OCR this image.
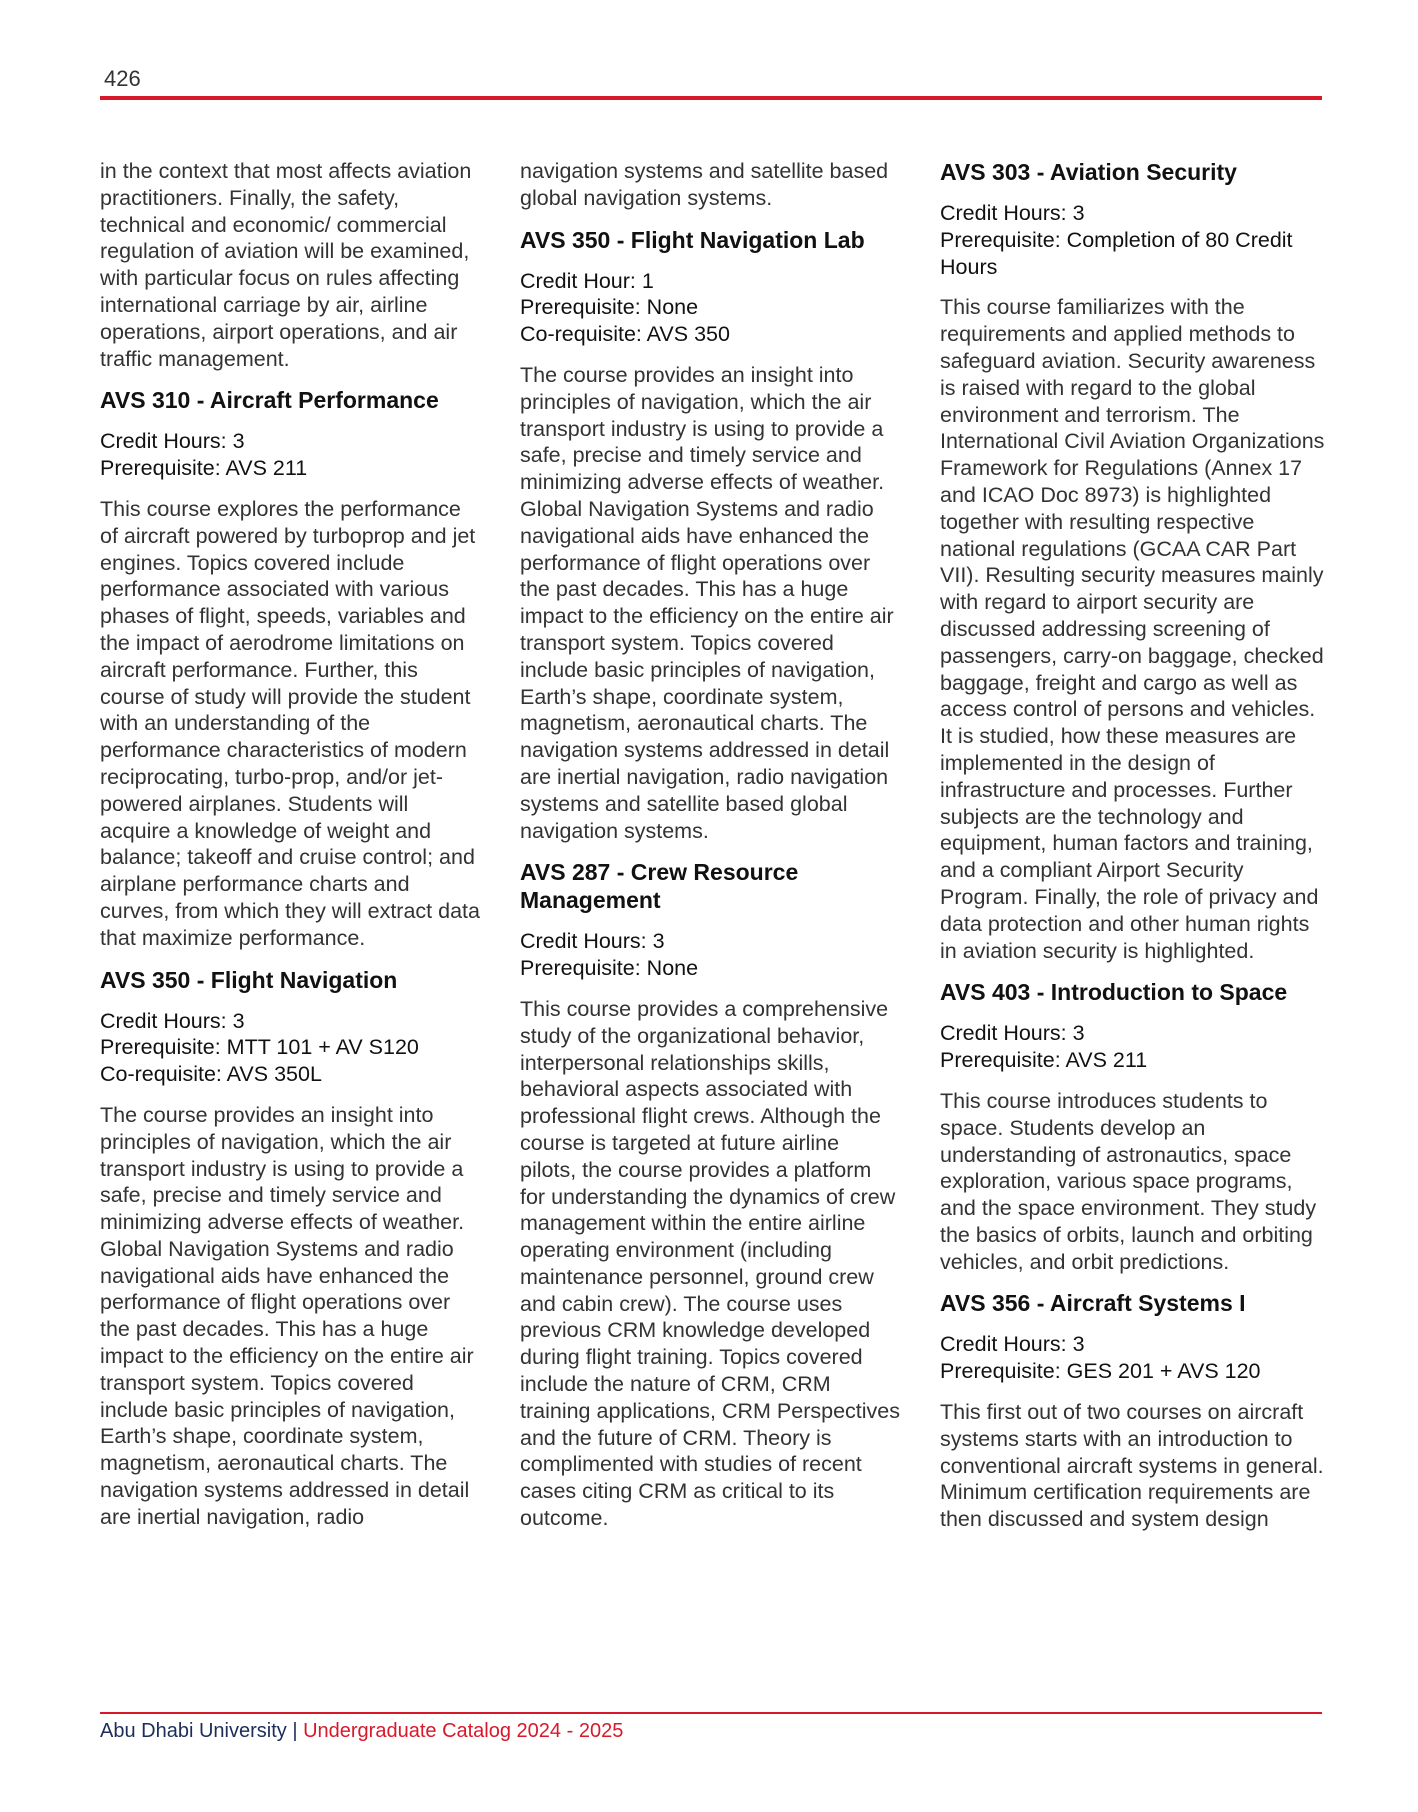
426

in the context that most affects aviation practitioners. Finally, the safety, technical and economic/ commercial regulation of aviation will be examined, with particular focus on rules affecting international carriage by air, airline operations, airport operations, and air traffic management.

AVS 310 - Aircraft Performance
Credit Hours: 3
Prerequisite: AVS 211

This course explores the performance of aircraft powered by turboprop and jet engines. Topics covered include performance associated with various phases of flight, speeds, variables and the impact of aerodrome limitations on aircraft performance. Further, this course of study will provide the student with an understanding of the performance characteristics of modern reciprocating, turbo-prop, and/or jet-powered airplanes. Students will acquire a knowledge of weight and balance; takeoff and cruise control; and airplane performance charts and curves, from which they will extract data that maximize performance.

AVS 350 - Flight Navigation
Credit Hours: 3
Prerequisite: MTT 101 + AV S120
Co-requisite: AVS 350L

The course provides an insight into principles of navigation, which the air transport industry is using to provide a safe, precise and timely service and minimizing adverse effects of weather. Global Navigation Systems and radio navigational aids have enhanced the performance of flight operations over the past decades. This has a huge impact to the efficiency on the entire air transport system. Topics covered include basic principles of navigation, Earth’s shape, coordinate system, magnetism, aeronautical charts. The navigation systems addressed in detail are inertial navigation, radio

navigation systems and satellite based global navigation systems.

AVS 350 - Flight Navigation Lab
Credit Hour: 1
Prerequisite: None
Co-requisite: AVS 350

The course provides an insight into principles of navigation, which the air transport industry is using to provide a safe, precise and timely service and minimizing adverse effects of weather. Global Navigation Systems and radio navigational aids have enhanced the performance of flight operations over the past decades. This has a huge impact to the efficiency on the entire air transport system. Topics covered include basic principles of navigation, Earth’s shape, coordinate system, magnetism, aeronautical charts. The navigation systems addressed in detail are inertial navigation, radio navigation systems and satellite based global navigation systems.

AVS 287 - Crew Resource Management
Credit Hours: 3
Prerequisite: None

This course provides a comprehensive study of the organizational behavior, interpersonal relationships skills, behavioral aspects associated with professional flight crews. Although the course is targeted at future airline pilots, the course provides a platform for understanding the dynamics of crew management within the entire airline operating environment (including maintenance personnel, ground crew and cabin crew). The course uses previous CRM knowledge developed during flight training. Topics covered include the nature of CRM, CRM training applications, CRM Perspectives and the future of CRM. Theory is complimented with studies of recent cases citing CRM as critical to its outcome.

AVS 303 - Aviation Security
Credit Hours: 3
Prerequisite: Completion of 80 Credit Hours

This course familiarizes with the requirements and applied methods to safeguard aviation. Security awareness is raised with regard to the global environment and terrorism. The International Civil Aviation Organizations Framework for Regulations (Annex 17 and ICAO Doc 8973) is highlighted together with resulting respective national regulations (GCAA CAR Part VII). Resulting security measures mainly with regard to airport security are discussed addressing screening of passengers, carry-on baggage, checked baggage, freight and cargo as well as access control of persons and vehicles. It is studied, how these measures are implemented in the design of infrastructure and processes. Further subjects are the technology and equipment, human factors and training, and a compliant Airport Security Program. Finally, the role of privacy and data protection and other human rights in aviation security is highlighted.

AVS 403 - Introduction to Space
Credit Hours: 3
Prerequisite: AVS 211

This course introduces students to space. Students develop an understanding of astronautics, space exploration, various space programs, and the space environment. They study the basics of orbits, launch and orbiting vehicles, and orbit predictions.

AVS 356 - Aircraft Systems I
Credit Hours: 3
Prerequisite: GES 201 + AVS 120

This first out of two courses on aircraft systems starts with an introduction to conventional aircraft systems in general. Minimum certification requirements are then discussed and system design

Abu Dhabi University | Undergraduate Catalog 2024 - 2025
